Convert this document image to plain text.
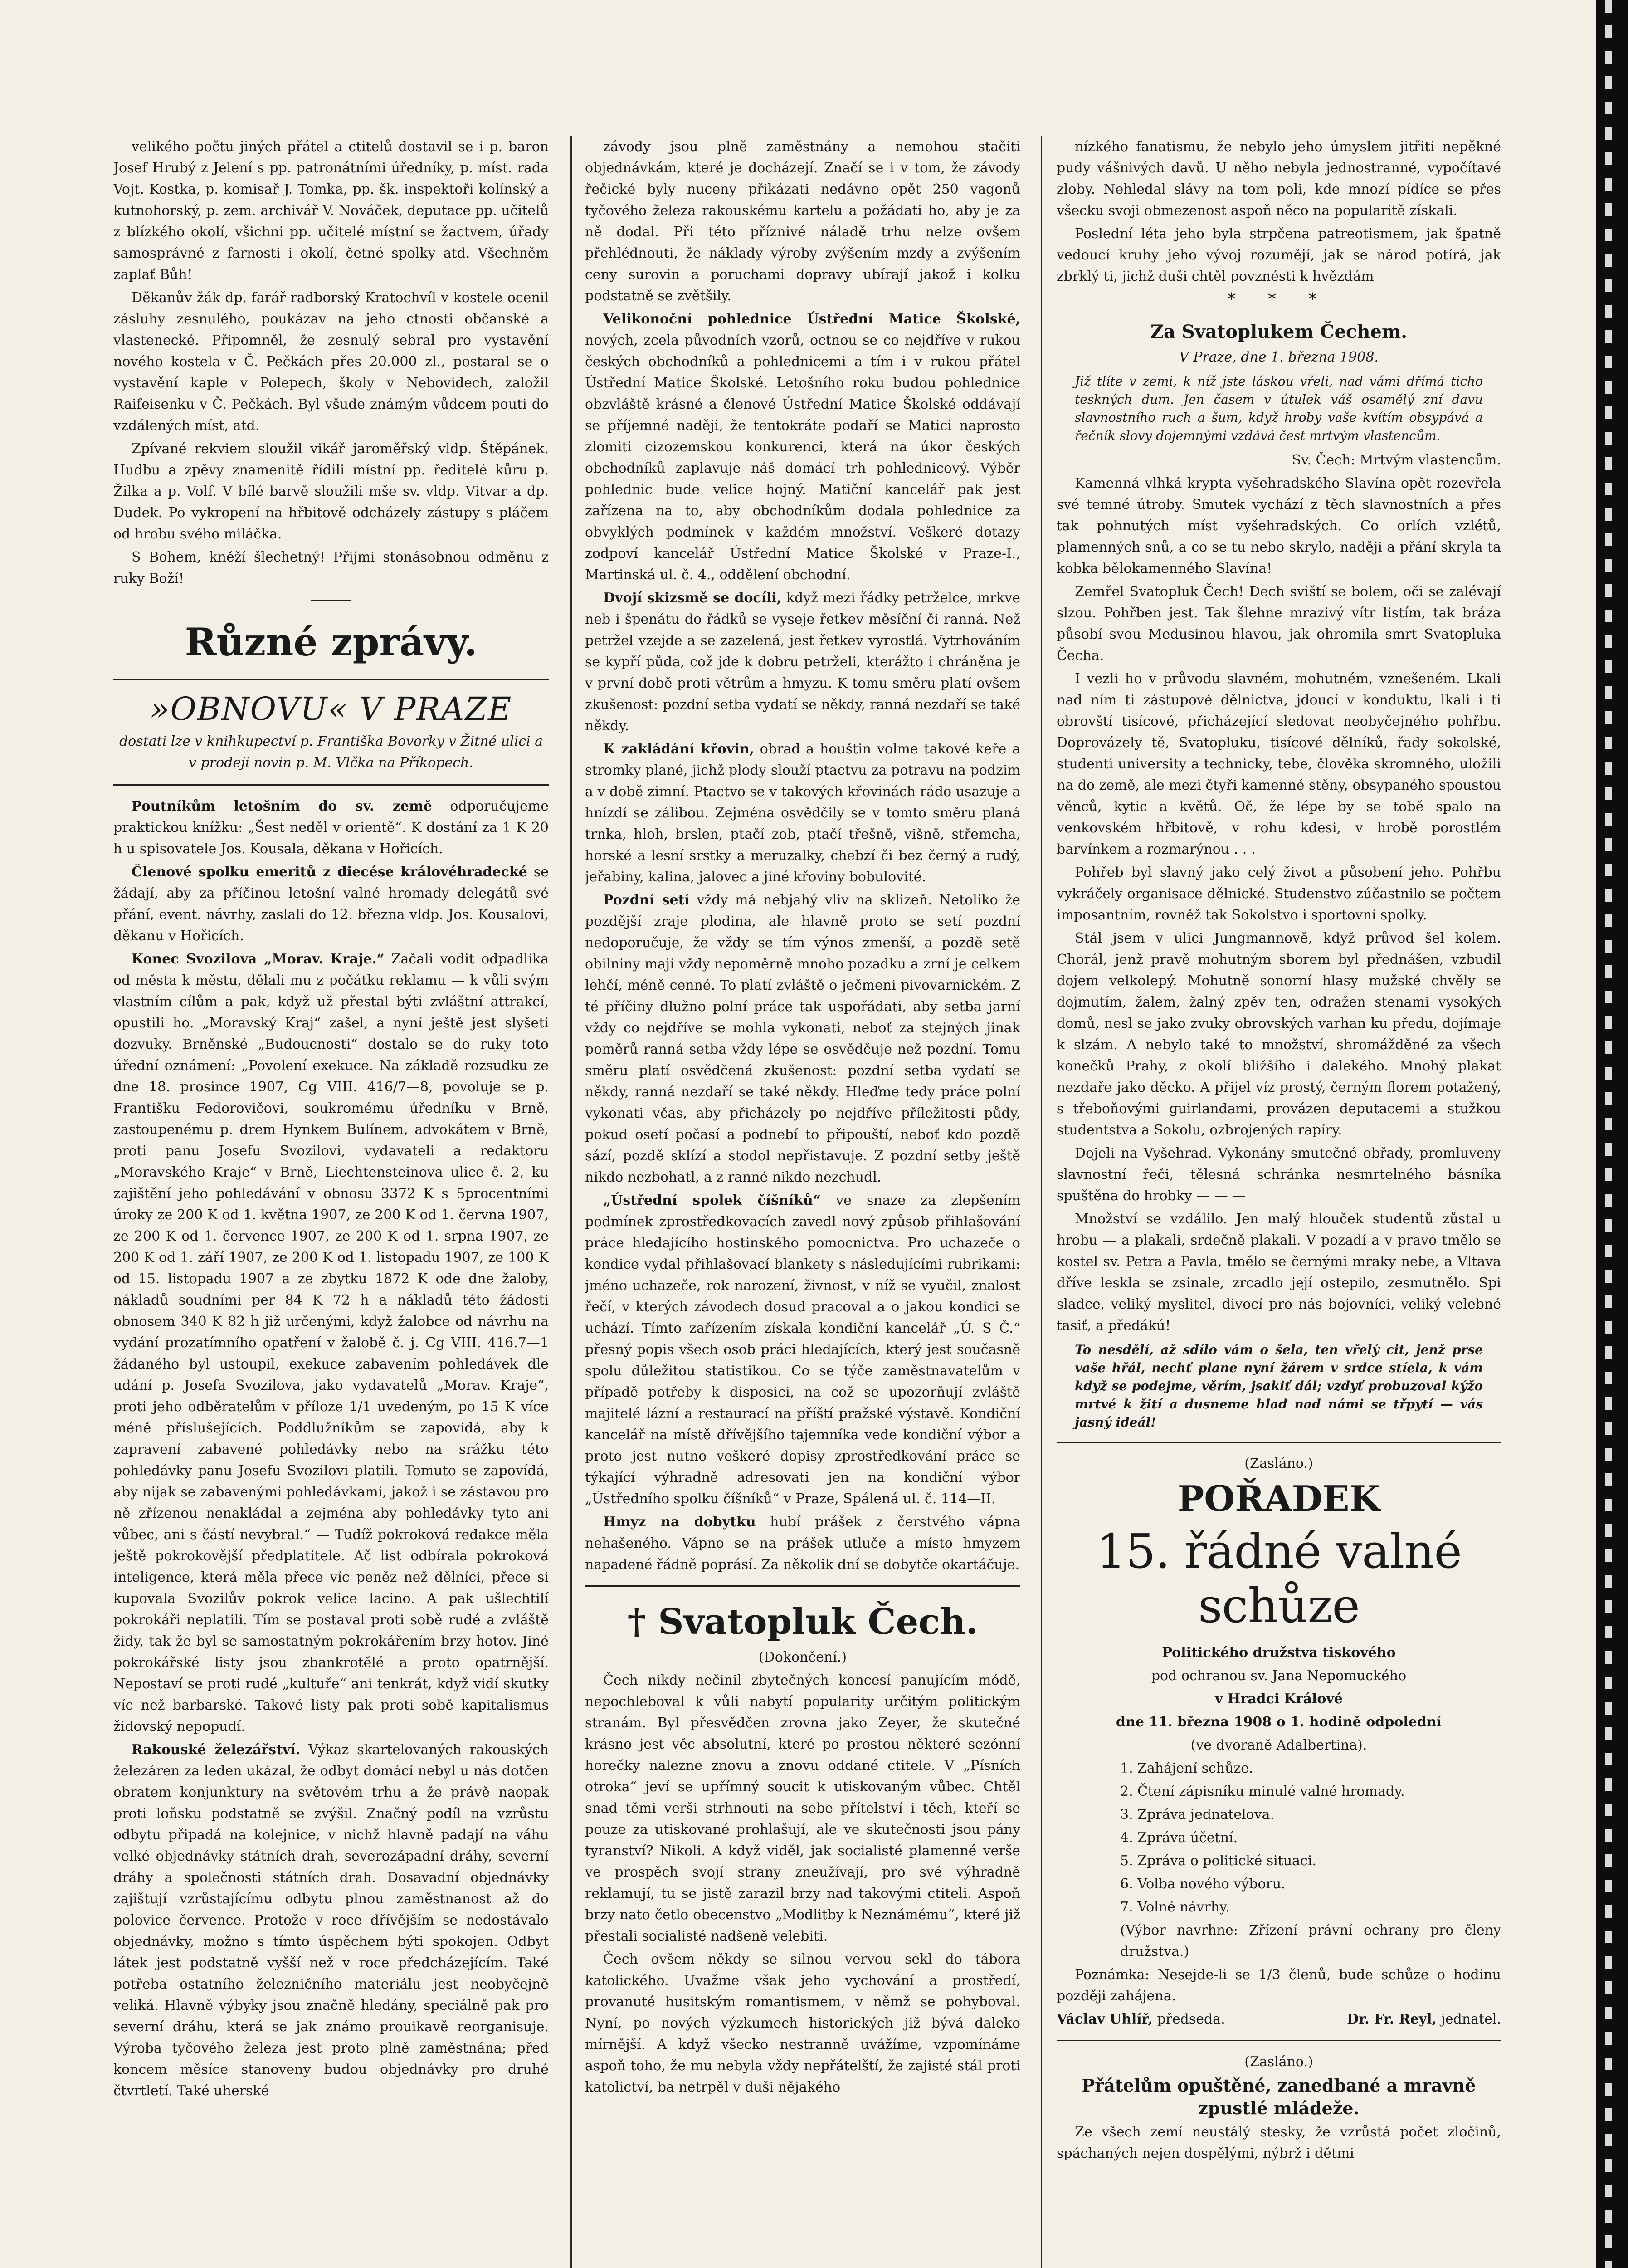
velikého počtu jiných přátel a ctitelů dostavil se i p. baron Josef Hrubý z Jelení s pp. patronátními úředníky, p. míst. rada Vojt. Kostka, p. komisař J. Tomka, pp. šk. inspektoři kolínský a kutnohorský, p. zem. archivář V. Nováček, deputace pp. učitelů z blízkého okolí, všichni pp. učitelé místní se žactvem, úřady samosprávné z farnosti i okolí, četné spolky atd. Všechněm zaplať Bůh!

Děkanův žák dp. farář radborský Kratochvíl v kostele ocenil zásluhy zesnulého, poukázav na jeho ctnosti občanské a vlastenecké. Připomněl, že zesnulý sebral pro vystavění nového kostela v Č. Pečkách přes 20.000 zl., postaral se o vystavění kaple v Polepech, školy v Nebovidech, založil Raifeisenku v Č. Pečkách. Byl všude známým vůdcem pouti do vzdálených míst, atd.

Zpívané rekviem sloužil vikář jaroměřský vldp. Štěpánek. Hudbu a zpěvy znamenitě řídili místní pp. ředitelé kůru p. Žilka a p. Volf. V bílé barvě sloužili mše sv. vldp. Vitvar a dp. Dudek. Po vykropení na hřbitově odcházely zástupy s pláčem od hrobu svého miláčka.

S Bohem, kněží šlechetný! Přijmi stonásobnou odměnu z ruky Boží!

Různé zprávy.
»OBNOVU« V PRAZE

dostati lze v knihkupectví p. Františka Bovorky v Žitné ulici a v prodeji novin p. M. Vlčka na Příkopech.

Poutníkům letošním do sv. země odporučujeme praktickou knížku: „Šest neděl v orientě“. K dostání za 1 K 20 h u spisovatele Jos. Kousala, děkana v Hořicích.

Členové spolku emeritů z diecése královéhradecké se žádají, aby za příčinou letošní valné hromady delegátů své přání, event. návrhy, zaslali do 12. března vldp. Jos. Kousalovi, děkanu v Hořicích.

Konec Svozilova „Morav. Kraje.“ Začali vodit odpadlíka od města k městu, dělali mu z počátku reklamu — k vůli svým vlastním cílům a pak, když už přestal býti zvláštní attrakcí, opustili ho. „Moravský Kraj“ zašel, a nyní ještě jest slyšeti dozvuky. Brněnské „Budoucnosti“ dostalo se do ruky toto úřední oznámení: „Povolení exekuce. Na základě rozsudku ze dne 18. prosince 1907, Cg VIII. 416/7—8, povoluje se p. Františku Fedorovičovi, soukromému úředníku v Brně, zastoupenému p. drem Hynkem Bulínem, advokátem v Brně, proti panu Josefu Svozilovi, vydavateli a redaktoru „Moravského Kraje“ v Brně, Liechtensteinova ulice č. 2, ku zajištění jeho pohledávání v obnosu 3372 K s 5procentními úroky ze 200 K od 1. května 1907, ze 200 K od 1. června 1907, ze 200 K od 1. července 1907, ze 200 K od 1. srpna 1907, ze 200 K od 1. září 1907, ze 200 K od 1. listopadu 1907, ze 100 K od 15. listopadu 1907 a ze zbytku 1872 K ode dne žaloby, nákladů soudními per 84 K 72 h a nákladů této žádosti obnosem 340 K 82 h již určenými, když žalobce od návrhu na vydání prozatímního opatření v žalobě č. j. Cg VIII. 416.7—1 žádaného byl ustoupil, exekuce zabavením pohledávek dle udání p. Josefa Svozilova, jako vydavatelů „Morav. Kraje“, proti jeho odběratelům v příloze 1/1 uvedeným, po 15 K více méně příslušejících. Poddlužníkům se zapovídá, aby k zapravení zabavené pohledávky nebo na srážku této pohledávky panu Josefu Svozilovi platili. Tomuto se zapovídá, aby nijak se zabavenými pohledávkami, jakož i se zástavou pro ně zřízenou nenakládal a zejména aby pohledávky tyto ani vůbec, ani s částí nevybral.“ — Tudíž pokroková redakce měla ještě pokrokovější předplatitele. Ač list odbírala pokroková inteligence, která měla přece víc peněz než dělníci, přece si kupovala Svozilův pokrok velice lacino. A pak ušlechtilí pokrokáři neplatili. Tím se postaval proti sobě rudé a zvláště židy, tak že byl se samostatným pokrokářením brzy hotov. Jiné pokrokářské listy jsou zbankrotělé a proto opatrnější. Nepostaví se proti rudé „kultuře“ ani tenkrát, když vidí skutky víc než barbarské. Takové listy pak proti sobě kapitalismus židovský nepopudí.

Rakouské železářství. Výkaz skartelovaných rakouských železáren za leden ukázal, že odbyt domácí nebyl u nás dotčen obratem konjunktury na světovém trhu a že právě naopak proti loňsku podstatně se zvýšil. Značný podíl na vzrůstu odbytu připadá na kolejnice, v nichž hlavně padají na váhu velké objednávky státních drah, severozápadní dráhy, severní dráhy a společnosti státních drah. Dosavadní objednávky zajištují vzrůstajícímu odbytu plnou zaměstnanost až do polovice července. Protože v roce dřívějším se nedostávalo objednávky, možno s tímto úspěchem býti spokojen. Odbyt látek jest podstatně vyšší než v roce předcházejícím. Také potřeba ostatního železničního materiálu jest neobyčejně veliká. Hlavně výbyky jsou značně hledány, speciálně pak pro severní dráhu, která se jak známo prouikavě reorganisuje. Výroba tyčového železa jest proto plně zaměstnána; před koncem měsíce stanoveny budou objednávky pro druhé čtvrtletí. Také uherské

závody jsou plně zaměstnány a nemohou stačiti objednávkám, které je docházejí. Značí se i v tom, že závody řečické byly nuceny přikázati nedávno opět 250 vagonů tyčového železa rakouskému kartelu a požádati ho, aby je za ně dodal. Při této příznivé náladě trhu nelze ovšem přehlédnouti, že náklady výroby zvýšením mzdy a zvýšením ceny surovin a poruchami dopravy ubírají jakož i kolku podstatně se zvětšily.

Velikonoční pohlednice Ústřední Matice Školské, nových, zcela původních vzorů, octnou se co nejdříve v rukou českých obchodníků a pohlednicemi a tím i v rukou přátel Ústřední Matice Školské. Letošního roku budou pohlednice obzvláště krásné a členové Ústřední Matice Školské oddávají se příjemné naději, že tentokráte podaří se Matici naprosto zlomiti cizozemskou konkurenci, která na úkor českých obchodníků zaplavuje náš domácí trh pohlednicový. Výběr pohlednic bude velice hojný. Matiční kancelář pak jest zařízena na to, aby obchodníkům dodala pohlednice za obvyklých podmínek v každém množství. Veškeré dotazy zodpoví kancelář Ústřední Matice Školské v Praze-I., Martinská ul. č. 4., oddělení obchodní.

Dvojí skizsmě se docíli, když mezi řádky petrželce, mrkve neb i špenátu do řádků se vyseje řetkev měsíční či ranná. Než petržel vzejde a se zazelená, jest řetkev vyrostlá. Vytrhováním se kypří půda, což jde k dobru petrželi, kterážto i chráněna je v první době proti větrům a hmyzu. K tomu směru platí ovšem zkušenost: pozdní setba vydatí se někdy, ranná nezdaří se také někdy.

K zakládání křovin, obrad a houštin volme takové keře a stromky plané, jichž plody slouží ptactvu za potravu na podzim a v době zimní. Ptactvo se v takových křovinách rádo usazuje a hnízdí se zálibou. Zejména osvědčily se v tomto směru planá trnka, hloh, brslen, ptačí zob, ptačí třešně, višně, střemcha, horské a lesní srstky a meruzalky, chebzí či bez černý a rudý, jeřabiny, kalina, jalovec a jiné křoviny bobulovité.

Pozdní setí vždy má nebjahý vliv na sklizeň. Netoliko že pozdější zraje plodina, ale hlavně proto se setí pozdní nedoporučuje, že vždy se tím výnos zmenší, a pozdě setě obilniny mají vždy nepoměrně mnoho pozadku a zrní je celkem lehčí, méně cenné. To platí zvláště o ječmeni pivovarnickém. Z té příčiny dlužno polní práce tak uspořádati, aby setba jarní vždy co nejdříve se mohla vykonati, neboť za stejných jinak poměrů ranná setba vždy lépe se osvědčuje než pozdní. Tomu směru platí osvědčená zkušenost: pozdní setba vydatí se někdy, ranná nezdaří se také někdy. Hleďme tedy práce polní vykonati včas, aby přicházely po nejdříve příležitosti půdy, pokud osetí počasí a podnebí to připouští, neboť kdo pozdě sází, pozdě sklízí a stodol nepřistavuje. Z pozdní setby ještě nikdo nezbohatl, a z ranné nikdo nezchudl.

„Ústřední spolek číšníků“ ve snaze za zlepšením podmínek zprostředkovacích zavedl nový způsob přihlašování práce hledajícího hostinského pomocnictva. Pro uchazeče o kondice vydal přihlašovací blankety s následujícími rubrikami: jméno uchazeče, rok narození, živnost, v níž se vyučil, znalost řečí, v kterých závodech dosud pracoval a o jakou kondici se uchází. Tímto zařízením získala kondiční kancelář „Ú. S Č.“ přesný popis všech osob práci hledajících, který jest současně spolu důležitou statistikou. Co se týče zaměstnavatelům v případě potřeby k disposici, na což se upozorňují zvláště majitelé lázní a restaurací na příští pražské výstavě. Kondiční kancelář na místě dřívějšího tajemníka vede kondiční výbor a proto jest nutno veškeré dopisy zprostředkování práce se týkající výhradně adresovati jen na kondiční výbor „Ústředního spolku číšníků“ v Praze, Spálená ul. č. 114—II.

Hmyz na dobytku hubí prášek z čerstvého vápna nehašeného. Vápno se na prášek utluče a místo hmyzem napadené řádně poprásí. Za několik dní se dobytče okartáčuje.

† Svatopluk Čech.

(Dokončení.)

Čech nikdy nečinil zbytečných koncesí panujícím módě, nepochleboval k vůli nabytí popularity určitým politickým stranám. Byl přesvědčen zrovna jako Zeyer, že skutečné krásno jest věc absolutní, které po prostou některé sezónní horečky nalezne znovu a znovu oddané ctitele. V „Písních otroka“ jeví se upřímný soucit k utiskovaným vůbec. Chtěl snad těmi verši strhnouti na sebe přítelství i těch, kteří se pouze za utiskované prohlašují, ale ve skutečnosti jsou pány tyranství? Nikoli. A když viděl, jak socialisté plamenné verše ve prospěch svojí strany zneužívají, pro své výhradně reklamují, tu se jistě zarazil brzy nad takovými ctiteli. Aspoň brzy nato četlo obecenstvo „Modlitby k Neznámému“, které již přestali socialisté nadšeně velebiti.

Čech ovšem někdy se silnou vervou sekl do tábora katolického. Uvažme však jeho vychování a prostředí, provanuté husitským romantismem, v němž se pohyboval. Nyní, po nových výzkumech historických již bývá daleko mírnější. A když všecko nestranně uvážíme, vzpomínáme aspoň toho, že mu nebyla vždy nepřátelští, že zajisté stál proti katolictví, ba netrpěl v duši nějakého

nízkého fanatismu, že nebylo jeho úmyslem jitřiti nepěkné pudy vášnivých davů. U něho nebyla jednostranné, vypočítavé zloby. Nehledal slávy na tom poli, kde mnozí pídíce se přes všecku svoji obmezenost aspoň něco na popularitě získali.

Poslední léta jeho byla strpčena patreotismem, jak špatně vedoucí kruhy jeho vývoj rozumějí, jak se národ potírá, jak zbrklý ti, jichž duši chtěl povznésti k hvězdám

* * *
Za Svatoplukem Čechem.

V Praze, dne 1. března 1908.

Již tlíte v zemi, k níž jste láskou vřeli, nad vámi dřímá ticho teskných dum. Jen časem v útulek váš osamělý zní davu slavnostního ruch a šum, když hroby vaše kvítím obsypává a řečník slovy dojemnými vzdává čest mrtvým vlastencům.

Sv. Čech: Mrtvým vlastencům.

Kamenná vlhká krypta vyšehradského Slavína opět rozevřela své temné útroby. Smutek vychází z těch slavnostních a přes tak pohnutých míst vyšehradských. Co orlích vzlétů, plamenných snů, a co se tu nebo skrylo, naději a přání skryla ta kobka bělokamenného Slavína!

Zemřel Svatopluk Čech! Dech sviští se bolem, oči se zalévají slzou. Pohřben jest. Tak šlehne mrazivý vítr listím, tak bráza působí svou Medusinou hlavou, jak ohromila smrt Svatopluka Čecha.

I vezli ho v průvodu slavném, mohutném, vznešeném. Lkali nad ním ti zástupové dělnictva, jdoucí v konduktu, lkali i ti obrovští tisícové, přicházející sledovat neobyčejného pohřbu. Doprovázely tě, Svatopluku, tisícové dělníků, řady sokolské, studenti university a technicky, tebe, člověka skromného, uložili na do země, ale mezi čtyři kamenné stěny, obsypaného spoustou věnců, kytic a květů. Oč, že lépe by se tobě spalo na venkovském hřbitově, v rohu kdesi, v hrobě porostlém barvínkem a rozmarýnou . . .

Pohřeb byl slavný jako celý život a působení jeho. Pohřbu vykráčely organisace dělnické. Studenstvo zúčastnilo se počtem imposantním, rovněž tak Sokolstvo i sportovní spolky.

Stál jsem v ulici Jungmannově, když průvod šel kolem. Chorál, jenž pravě mohutným sborem byl přednášen, vzbudil dojem velkolepý. Mohutně sonorní hlasy mužské chvěly se dojmutím, žalem, žalný zpěv ten, odražen stenami vysokých domů, nesl se jako zvuky obrovských varhan ku předu, dojímaje k slzám. A nebylo také to množství, shromážděné za všech konečků Prahy, z okolí bližšího i dalekého. Mnohý plakat nezdaře jako děcko. A přijel víz prostý, černým florem potažený, s třeboňovými guirlandami, provázen deputacemi a stužkou studentstva a Sokolu, ozbrojených rapíry.

Dojeli na Vyšehrad. Vykonány smutečné obřady, promluveny slavnostní řeči, tělesná schránka nesmrtelného básníka spuštěna do hrobky — — —

Množství se vzdálilo. Jen malý hlouček studentů zůstal u hrobu — a plakali, srdečně plakali. V pozadí a v pravo tmělo se kostel sv. Petra a Pavla, tmělo se černými mraky nebe, a Vltava dříve leskla se zsinale, zrcadlo její ostepilo, zesmutnělo. Spi sladce, veliký myslitel, divocí pro nás bojovníci, veliký velebné tasiť, a předákú!

To nesdělí, až sdílo vám o šela, ten vřelý cit, jenž prse vaše hřál, nechť plane nyní žárem v srdce stíela, k vám když se podejme, věrím, jsakiť dál; vzdyť probuzoval kýžo mrtvé k žití a dusneme hlad nad námi se třpytí — vás jasný ideál!

(Zasláno.)

POŘADEK
15. řádné valné schůze

Politického družstva tiskového

pod ochranou sv. Jana Nepomuckého

v Hradci Králové

dne 11. března 1908 o 1. hodině odpolední

(ve dvoraně Adalbertina).

1. Zahájení schůze.

2. Čtení zápisníku minulé valné hromady.

3. Zpráva jednatelova.

4. Zpráva účetní.

5. Zpráva o politické situaci.

6. Volba nového výboru.

7. Volné návrhy.

(Výbor navrhne: Zřízení právní ochrany pro členy družstva.)

Poznámka: Nesejde-li se 1/3 členů, bude schůze o hodinu později zahájena.

Václav Uhlíř, předseda.	Dr. Fr. Reyl, jednatel.

(Zasláno.)

Přátelům opuštěné, zanedbané a mravně zpustlé mládeže.

Ze všech zemí neustálý stesky, že vzrůstá počet zločinů, spáchaných nejen dospělými, nýbrž i dětmi
